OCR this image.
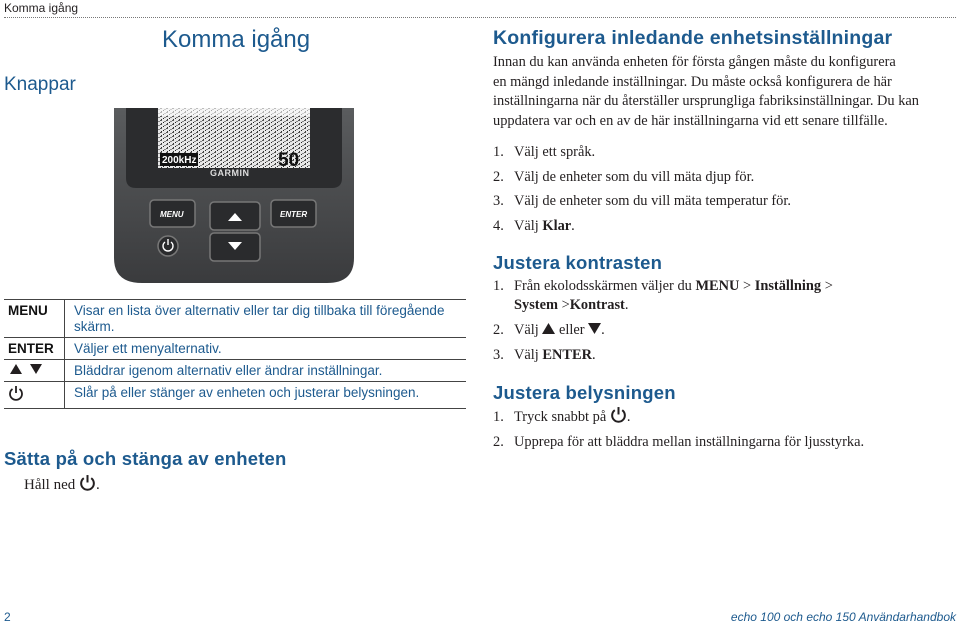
Komma igång
Komma igång
Knappar
200kHz	50
GARMIN
MENU	ENTER
MENU	Visar en lista över alternativ eller tar dig tillbaka till föregående skärm.
ENTER	Väljer ett menyalternativ.
	Bläddrar igenom alternativ eller ändrar inställningar.
	Slår på eller stänger av enheten och justerar belysningen.
Sätta på och stänga av enheten
Håll ned .
Konfigurera inledande enhetsinställningar
Innan du kan använda enheten för första gången måste du konfigurera
en mängd inledande inställningar. Du måste också konfigurera de här
inställningarna när du återställer ursprungliga fabriksinställningar. Du kan
uppdatera var och en av de här inställningarna vid ett senare tillfälle.
1. Välj ett språk.
2. Välj de enheter som du vill mäta djup för.
3. Välj de enheter som du vill mäta temperatur för.
4. Välj Klar.
Justera kontrasten
1. Från ekolodsskärmen väljer du MENU > Inställning >
System >Kontrast.
2. Välj  eller .
3. Välj ENTER.
Justera belysningen
1. Tryck snabbt på .
2. Upprepa för att bläddra mellan inställningarna för ljusstyrka.
2	echo 100 och echo 150 Användarhandbok
